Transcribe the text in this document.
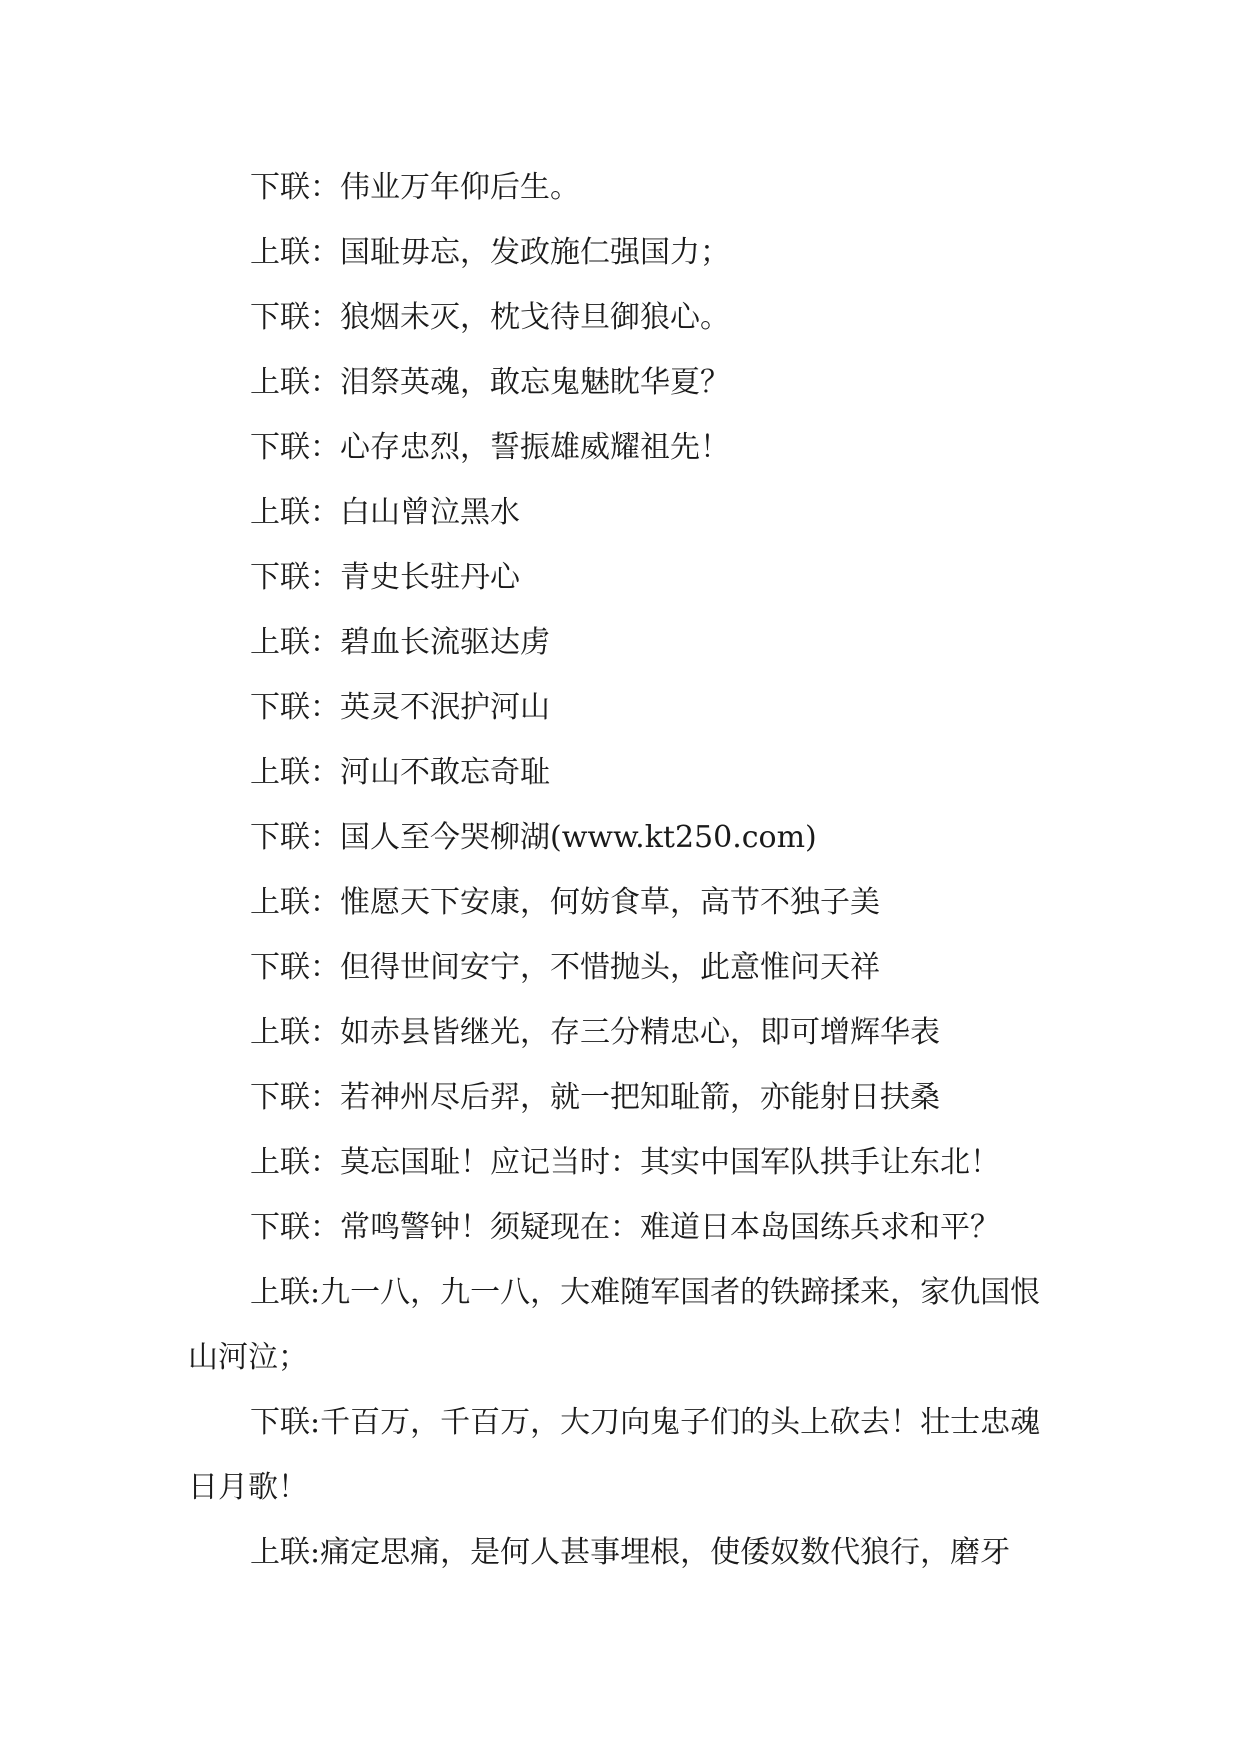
下联：伟业万年仰后生。

上联：国耻毋忘，发政施仁强国力；

下联：狼烟未灭，枕戈待旦御狼心。

上联：泪祭英魂，敢忘鬼魅眈华夏？

下联：心存忠烈，誓振雄威耀祖先！

上联：白山曾泣黑水

下联：青史长驻丹心

上联：碧血长流驱达虏

下联：英灵不泯护河山

上联：河山不敢忘奇耻

下联：国人至今哭柳湖(www.kt250.com)

上联：惟愿天下安康，何妨食草，高节不独子美

下联：但得世间安宁，不惜抛头，此意惟问天祥

上联：如赤县皆继光，存三分精忠心，即可增辉华表

下联：若神州尽后羿，就一把知耻箭，亦能射日扶桑

上联：莫忘国耻！应记当时：其实中国军队拱手让东北！

下联：常鸣警钟！须疑现在：难道日本岛国练兵求和平？

上联:九一八，九一八，大难随军国者的铁蹄揉来，家仇国恨山河泣；

下联:千百万，千百万，大刀向鬼子们的头上砍去！壮士忠魂日月歌！

上联:痛定思痛，是何人甚事埋根，使倭奴数代狼行，磨牙
